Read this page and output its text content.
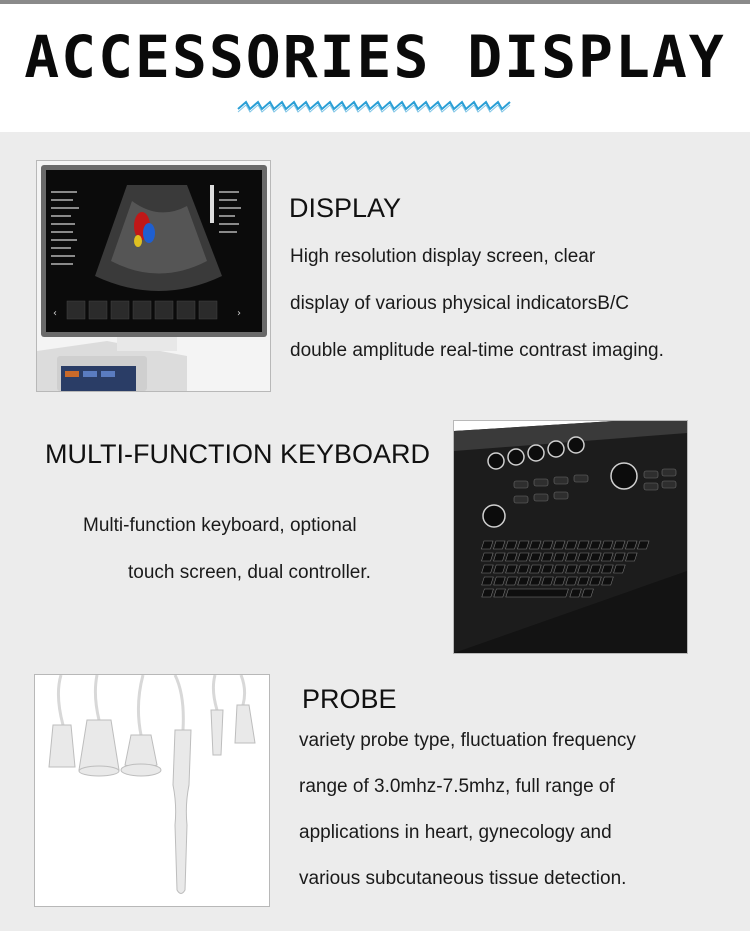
ACCESSORIES DISPLAY
‹	›
DISPLAY
High resolution display screen, clear
display of various physical indicatorsB/C
double amplitude real-time contrast imaging.
MULTI-FUNCTION KEYBOARD
Multi-function keyboard, optional
touch screen, dual controller.
PROBE
variety probe type, fluctuation frequency
range of 3.0mhz-7.5mhz, full range of
applications in heart, gynecology and
various subcutaneous tissue detection.
